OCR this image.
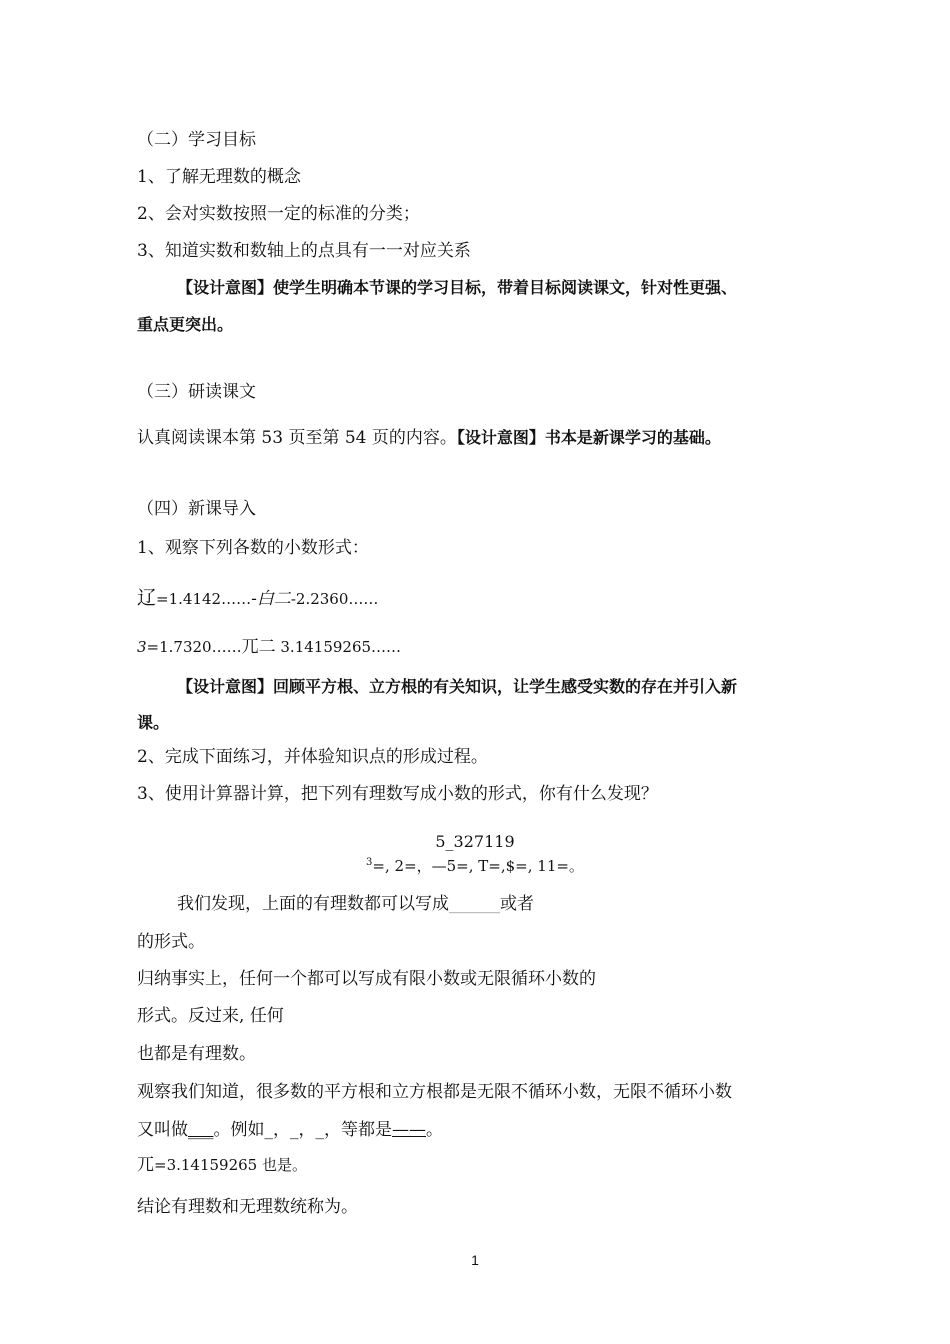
（二）学习目标
1、了解无理数的概念
2、会对实数按照一定的标准的分类；
3、知道实数和数轴上的点具有一一对应关系
【设计意图】使学生明确本节课的学习目标，带着目标阅读课文，针对性更强、
重点更突出。
（三）研读课文
认真阅读课本第 53 页至第 54 页的内容。【设计意图】书本是新课学习的基础。
（四）新课导入
1、观察下列各数的小数形式：
辽=1.4142……-白二-2.2360……
3=1.7320……兀二 3.14159265……
【设计意图】回顾平方根、立方根的有关知识，让学生感受实数的存在并引入新
课。
2、完成下面练习，并体验知识点的形成过程。
3、使用计算器计算，把下列有理数写成小数的形式，你有什么发现？
5_327119
$^3$=, 2=，—5=, T=,$=, 11=。
我们发现，上面的有理数都可以写成______或者
的形式。
归纳事实上，任何一个都可以写成有限小数或无限循环小数的
形式。反过来, 任何
也都是有理数。
观察我们知道，很多数的平方根和立方根都是无限不循环小数，无限不循环小数
又叫做___。例如_，_，_，等都是——。
兀=3.14159265 也是。
结论有理数和无理数统称为。
1
